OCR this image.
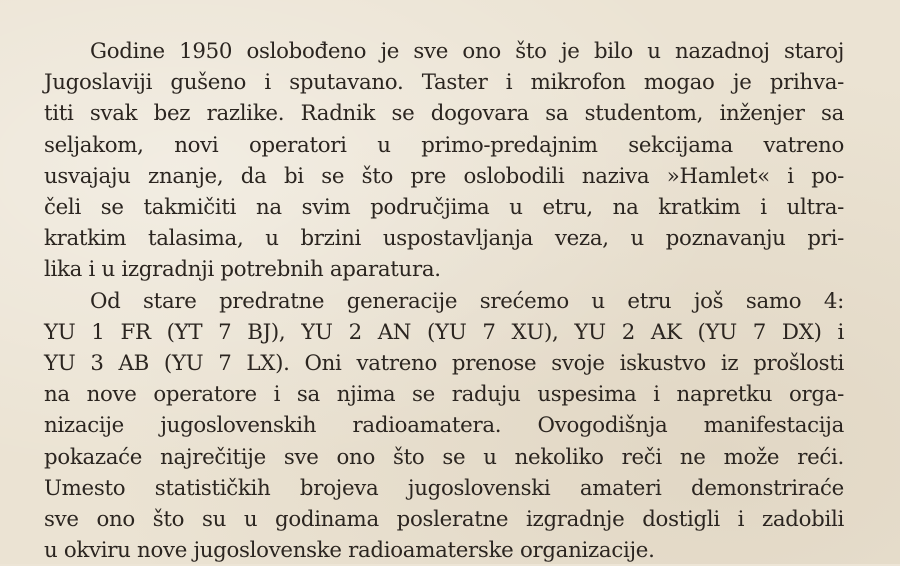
Godine 1950 oslobođeno je sve ono što je bilo u nazadnoj staroj
Jugoslaviji gušeno i sputavano. Taster i mikrofon mogao je prihva-
titi svak bez razlike. Radnik se dogovara sa studentom, inženjer sa
seljakom, novi operatori u primo-predajnim sekcijama vatreno
usvajaju znanje, da bi se što pre oslobodili naziva »Hamlet« i po-
čeli se takmičiti na svim područjima u etru, na kratkim i ultra-
kratkim talasima, u brzini uspostavljanja veza, u poznavanju pri-
lika i u izgradnji potrebnih aparatura.
Od stare predratne generacije srećemo u etru još samo 4:
YU 1 FR (YT 7 BJ), YU 2 AN (YU 7 XU), YU 2 AK (YU 7 DX) i
YU 3 AB (YU 7 LX). Oni vatreno prenose svoje iskustvo iz prošlosti
na nove operatore i sa njima se raduju uspesima i napretku orga-
nizacije jugoslovenskih radioamatera. Ovogodišnja manifestacija
pokazaće najrečitije sve ono što se u nekoliko reči ne može reći.
Umesto statističkih brojeva jugoslovenski amateri demonstriraće
sve ono što su u godinama posleratne izgradnje dostigli i zadobili
u okviru nove jugoslovenske radioamaterske organizacije.
